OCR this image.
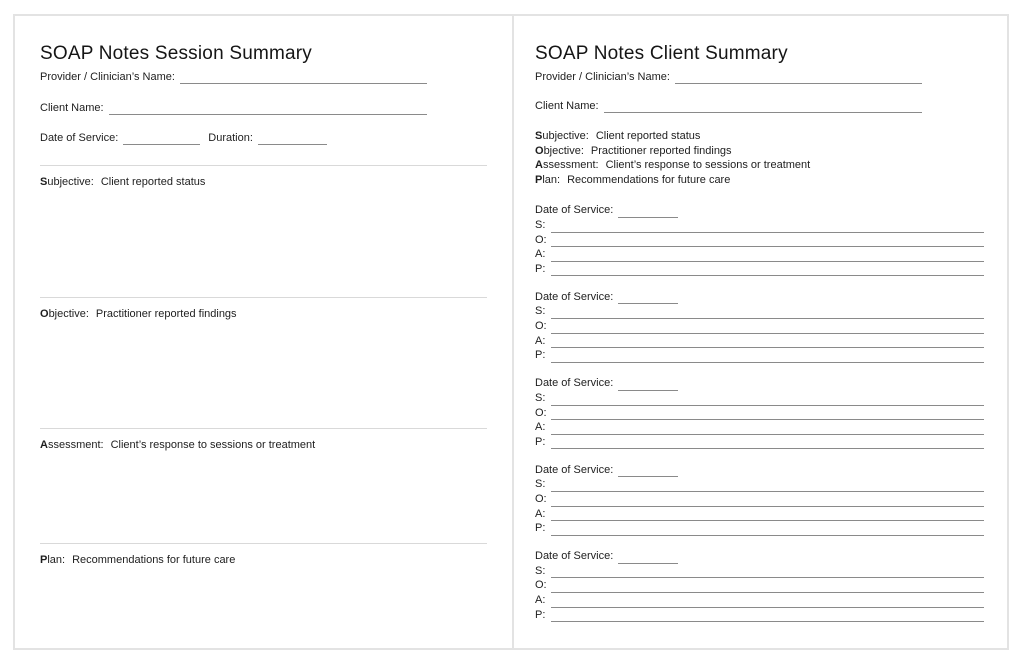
SOAP Notes Session Summary
Provider / Clinician’s Name:
Client Name:
Date of Service:	Duration:
Subjective: Client reported status
Objective: Practitioner reported findings
Assessment: Client’s response to sessions or treatment
Plan: Recommendations for future care
SOAP Notes Client Summary
Provider / Clinician’s Name:
Client Name:
Subjective: Client reported status
Objective: Practitioner reported findings
Assessment: Client’s response to sessions or treatment
Plan: Recommendations for future care
Date of Service:
S:
O:
A:
P:
Date of Service:
S:
O:
A:
P:
Date of Service:
S:
O:
A:
P:
Date of Service:
S:
O:
A:
P:
Date of Service:
S:
O:
A:
P:
